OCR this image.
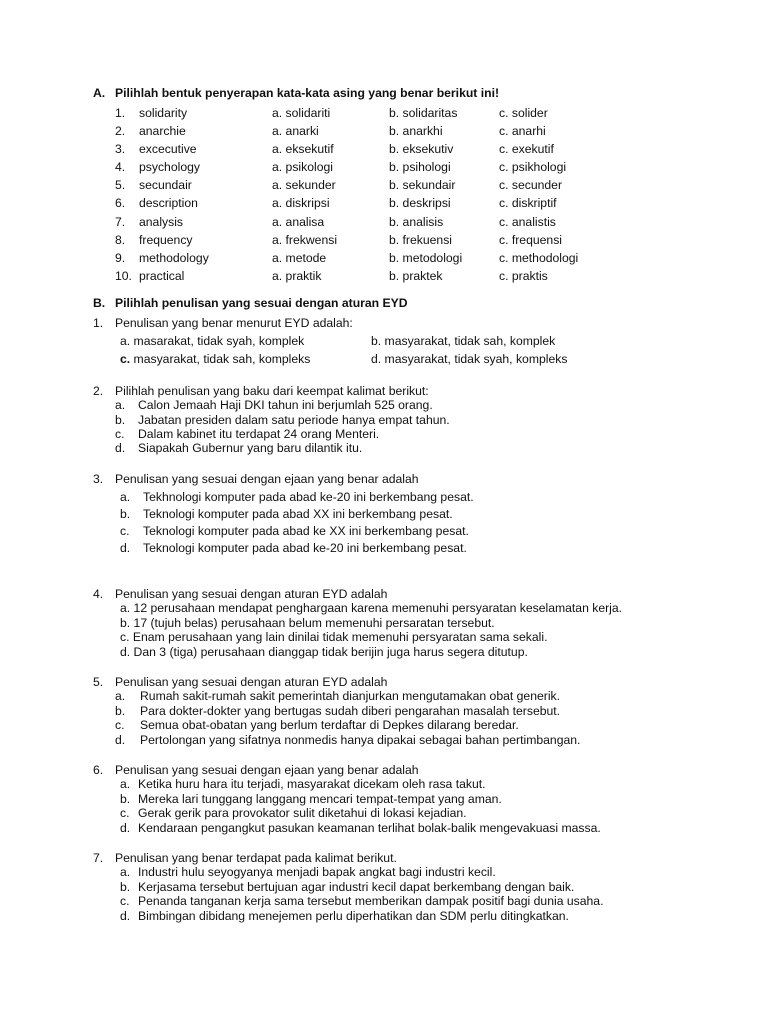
A. Pilihlah bentuk penyerapan kata-kata asing yang benar berikut ini!
1. solidarity	a. solidariti	b. solidaritas	c. solider
2. anarchie	a. anarki	b. anarkhi	c. anarhi
3. excecutive	a. eksekutif	b. eksekutiv	c. exekutif
4. psychology	a. psikologi	b. psihologi	c. psikhologi
5. secundair	a. sekunder	b. sekundair	c. secunder
6. description	a. diskripsi	b. deskripsi	c. diskriptif
7. analysis	a. analisa	b. analisis	c. analistis
8. frequency	a. frekwensi	b. frekuensi	c. frequensi
9. methodology	a. metode	b. metodologi	c. methodologi
10. practical	a. praktik	b. praktek	c. praktis
B. Pilihlah penulisan yang sesuai dengan aturan EYD
1. Penulisan yang benar menurut EYD adalah:
a. masarakat, tidak syah, komplek	b. masyarakat, tidak sah, komplek
c. masyarakat, tidak sah, kompleks	d. masyarakat, tidak syah, kompleks
2. Pilihlah penulisan yang baku dari keempat kalimat berikut:
a. Calon Jemaah Haji DKI tahun ini berjumlah 525 orang.
b. Jabatan presiden dalam satu periode hanya empat tahun.
c. Dalam kabinet itu terdapat 24 orang Menteri.
d. Siapakah Gubernur yang baru dilantik itu.
3. Penulisan yang sesuai dengan ejaan yang benar adalah
a. Tekhnologi komputer pada abad ke-20 ini berkembang pesat.
b. Teknologi komputer pada abad XX ini berkembang pesat.
c. Teknologi komputer pada abad ke XX ini berkembang pesat.
d. Teknologi komputer pada abad ke-20 ini berkembang pesat.
4. Penulisan yang sesuai dengan aturan EYD adalah
a. 12 perusahaan mendapat penghargaan karena memenuhi persyaratan keselamatan kerja.
b. 17 (tujuh belas) perusahaan belum memenuhi persaratan tersebut.
c. Enam perusahaan yang lain dinilai tidak memenuhi persyaratan sama sekali.
d. Dan 3 (tiga) perusahaan dianggap tidak berijin juga harus segera ditutup.
5. Penulisan yang sesuai dengan aturan EYD adalah
a. Rumah sakit-rumah sakit pemerintah dianjurkan mengutamakan obat generik.
b. Para dokter-dokter yang bertugas sudah diberi pengarahan masalah tersebut.
c. Semua obat-obatan yang berlum terdaftar di Depkes dilarang beredar.
d. Pertolongan yang sifatnya nonmedis hanya dipakai sebagai bahan pertimbangan.
6. Penulisan yang sesuai dengan ejaan yang benar adalah
a. Ketika huru hara itu terjadi, masyarakat dicekam oleh rasa takut.
b. Mereka lari tunggang langgang mencari tempat-tempat yang aman.
c. Gerak gerik para provokator sulit diketahui di lokasi kejadian.
d. Kendaraan pengangkut pasukan keamanan terlihat bolak-balik mengevakuasi massa.
7. Penulisan yang benar terdapat pada kalimat berikut.
a. Industri hulu seyogyanya menjadi bapak angkat bagi industri kecil.
b. Kerjasama tersebut bertujuan agar industri kecil dapat berkembang dengan baik.
c. Penanda tanganan kerja sama tersebut memberikan dampak positif bagi dunia usaha.
d. Bimbingan dibidang menejemen perlu diperhatikan dan SDM perlu ditingkatkan.
